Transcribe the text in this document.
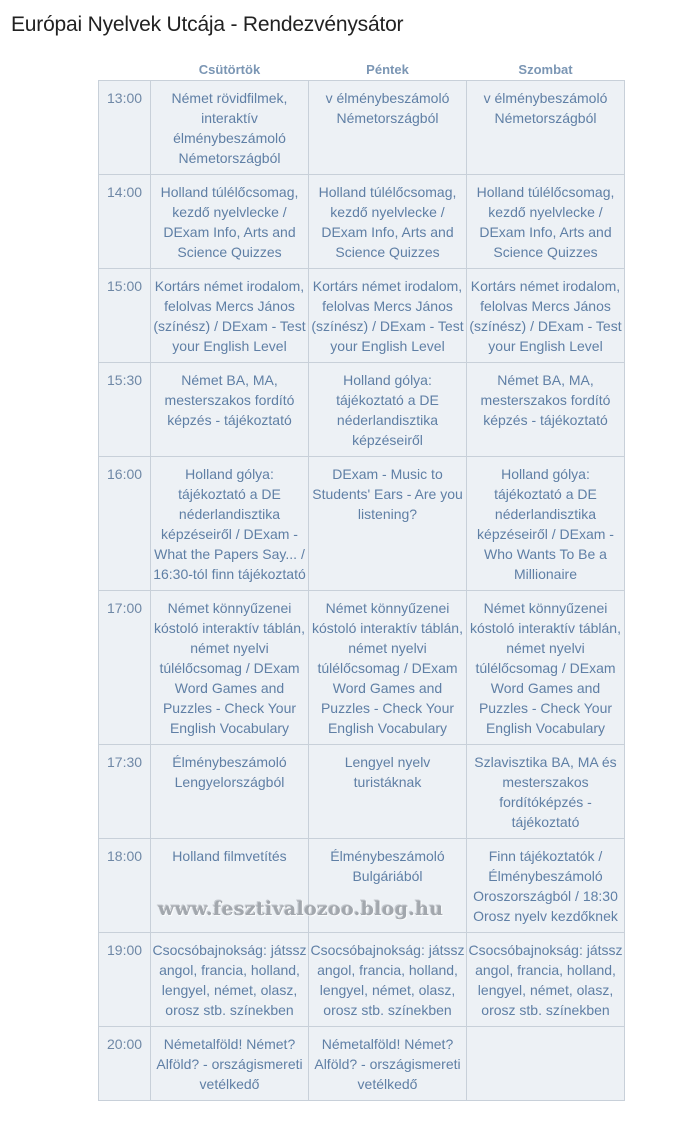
Európai Nyelvek Utcája - Rendezvénysátor
	Csütörtök	Péntek	Szombat
13:00	Német rövidfilmek, interaktív élménybeszámoló Németországból	v élménybeszámoló Németországból	v élménybeszámoló Németországból
14:00	Holland túlélőcsomag, kezdő nyelvlecke / DExam Info, Arts and Science Quizzes	Holland túlélőcsomag, kezdő nyelvlecke / DExam Info, Arts and Science Quizzes	Holland túlélőcsomag, kezdő nyelvlecke / DExam Info, Arts and Science Quizzes
15:00	Kortárs német irodalom, felolvas Mercs János (színész) / DExam - Test your English Level	Kortárs német irodalom, felolvas Mercs János (színész) / DExam - Test your English Level	Kortárs német irodalom, felolvas Mercs János (színész) / DExam - Test your English Level
15:30	Német BA, MA, mesterszakos fordító képzés - tájékoztató	Holland gólya: tájékoztató a DE néderlandisztika képzéseiről	Német BA, MA, mesterszakos fordító képzés - tájékoztató
16:00	Holland gólya: tájékoztató a DE néderlandisztika képzéseiről / DExam - What the Papers Say... / 16:30-tól finn tájékoztató	DExam - Music to Students' Ears - Are you listening?	Holland gólya: tájékoztató a DE néderlandisztika képzéseiről / DExam - Who Wants To Be a Millionaire
17:00	Német könnyűzenei kóstoló interaktív táblán, német nyelvi túlélőcsomag / DExam Word Games and Puzzles - Check Your English Vocabulary	Német könnyűzenei kóstoló interaktív táblán, német nyelvi túlélőcsomag / DExam Word Games and Puzzles - Check Your English Vocabulary	Német könnyűzenei kóstoló interaktív táblán, német nyelvi túlélőcsomag / DExam Word Games and Puzzles - Check Your English Vocabulary
17:30	Élménybeszámoló Lengyelországból	Lengyel nyelv turistáknak	Szlavisztika BA, MA és mesterszakos fordítóképzés - tájékoztató
18:00	Holland filmvetítés	Élménybeszámoló Bulgáriából	Finn tájékoztatók / Élménybeszámoló Oroszországból / 18:30 Orosz nyelv kezdőknek
19:00	Csocsóbajnokság: játssz angol, francia, holland, lengyel, német, olasz, orosz stb. színekben	Csocsóbajnokság: játssz angol, francia, holland, lengyel, német, olasz, orosz stb. színekben	Csocsóbajnokság: játssz angol, francia, holland, lengyel, német, olasz, orosz stb. színekben
20:00	Németalföld! Német? Alföld? - országismereti vetélkedő	Németalföld! Német? Alföld? - országismereti vetélkedő	
www.fesztivalozoo.blog.hu
